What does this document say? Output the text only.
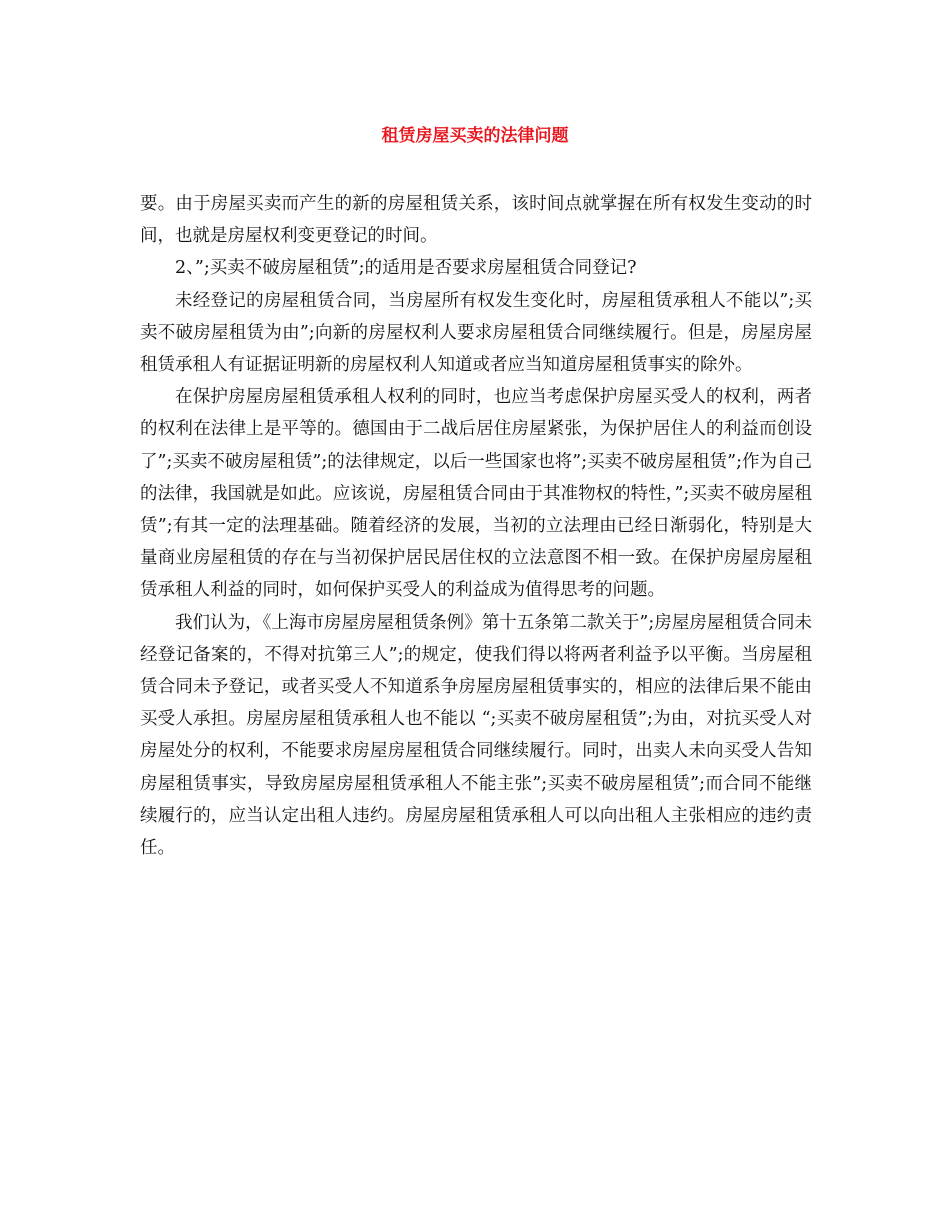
租赁房屋买卖的法律问题

要。由于房屋买卖而产生的新的房屋租赁关系，该时间点就掌握在所有权发生变动的时间，也就是房屋权利变更登记的时间。

2、”;买卖不破房屋租赁”;的适用是否要求房屋租赁合同登记?

未经登记的房屋租赁合同，当房屋所有权发生变化时，房屋租赁承租人不能以”;买卖不破房屋租赁为由”;向新的房屋权利人要求房屋租赁合同继续履行。但是，房屋房屋租赁承租人有证据证明新的房屋权利人知道或者应当知道房屋租赁事实的除外。

在保护房屋房屋租赁承租人权利的同时，也应当考虑保护房屋买受人的权利，两者的权利在法律上是平等的。德国由于二战后居住房屋紧张，为保护居住人的利益而创设了”;买卖不破房屋租赁”;的法律规定，以后一些国家也将”;买卖不破房屋租赁”;作为自己的法律，我国就是如此。应该说，房屋租赁合同由于其准物权的特性，”;买卖不破房屋租赁”;有其一定的法理基础。随着经济的发展，当初的立法理由已经日渐弱化，特别是大量商业房屋租赁的存在与当初保护居民居住权的立法意图不相一致。在保护房屋房屋租赁承租人利益的同时，如何保护买受人的利益成为值得思考的问题。

我们认为，《上海市房屋房屋租赁条例》第十五条第二款关于”;房屋房屋租赁合同未经登记备案的，不得对抗第三人”;的规定，使我们得以将两者利益予以平衡。当房屋租赁合同未予登记，或者买受人不知道系争房屋房屋租赁事实的，相应的法律后果不能由买受人承担。房屋房屋租赁承租人也不能以 “;买卖不破房屋租赁”;为由，对抗买受人对房屋处分的权利，不能要求房屋房屋租赁合同继续履行。同时，出卖人未向买受人告知房屋租赁事实，导致房屋房屋租赁承租人不能主张”;买卖不破房屋租赁”;而合同不能继续履行的，应当认定出租人违约。房屋房屋租赁承租人可以向出租人主张相应的违约责任。
